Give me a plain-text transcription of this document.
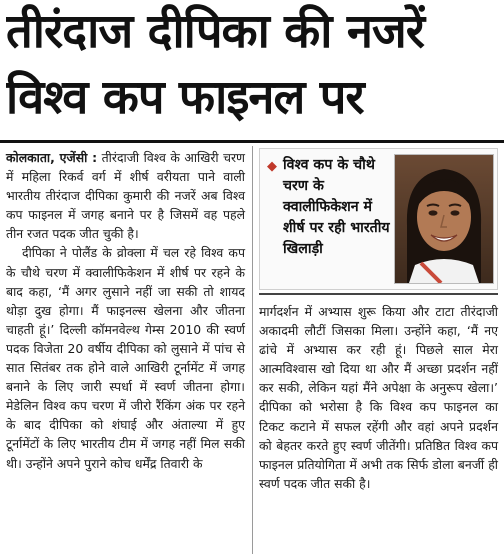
तीरंदाज दीपिका की नजरें
विश्व कप फाइनल पर

कोलकाता, एजेंसी : तीरंदाजी विश्व के आखिरी चरण में महिला रिकर्व वर्ग में शीर्ष वरीयता पाने वाली भारतीय तीरंदाज दीपिका कुमारी की नजरें अब विश्व कप फाइनल में जगह बनाने पर है जिसमें वह पहले तीन रजत पदक जीत चुकी है।

दीपिका ने पोलैंड के व्रोक्ला में चल रहे विश्व कप के चौथे चरण में क्वालीफिकेशन में शीर्ष पर रहने के बाद कहा, ‘मैं अगर लुसाने नहीं जा सकी तो शायद थोड़ा दुख होगा। मैं फाइनल्स खेलना और जीतना चाहती हूं।’ दिल्ली कॉमनवेल्थ गेम्स 2010 की स्वर्ण पदक विजेता 20 वर्षीय दीपिका को लुसाने में पांच से सात सितंबर तक होने वाले आखिरी टूर्नामेंट में जगह बनाने के लिए जारी स्पर्धा में स्वर्ण जीतना होगा। मेडेलिन विश्व कप चरण में जीरो रैंकिंग अंक पर रहने के बाद दीपिका को शंघाई और अंताल्या में हुए टूर्नामेंटों के लिए भारतीय टीम में जगह नहीं मिल सकी थी। उन्होंने अपने पुराने कोच धर्मेंद्र तिवारी के

◆ विश्व कप के चौथे चरण के क्वालीफिकेशन में शीर्ष पर रही भारतीय खिलाड़ी

मार्गदर्शन में अभ्यास शुरू किया और टाटा तीरंदाजी अकादमी लौटीं जिसका मिला। उन्होंने कहा, ‘मैं नए ढांचे में अभ्यास कर रही हूं। पिछले साल मेरा आत्मविश्वास खो दिया था और मैं अच्छा प्रदर्शन नहीं कर सकी, लेकिन यहां मैंने अपेक्षा के अनुरूप खेला।’ दीपिका को भरोसा है कि विश्व कप फाइनल का टिकट कटाने में सफल रहेंगी और वहां अपने प्रदर्शन को बेहतर करते हुए स्वर्ण जीतेंगी। प्रतिष्ठित विश्व कप फाइनल प्रतियोगिता में अभी तक सिर्फ डोला बनर्जी ही स्वर्ण पदक जीत सकी है।
